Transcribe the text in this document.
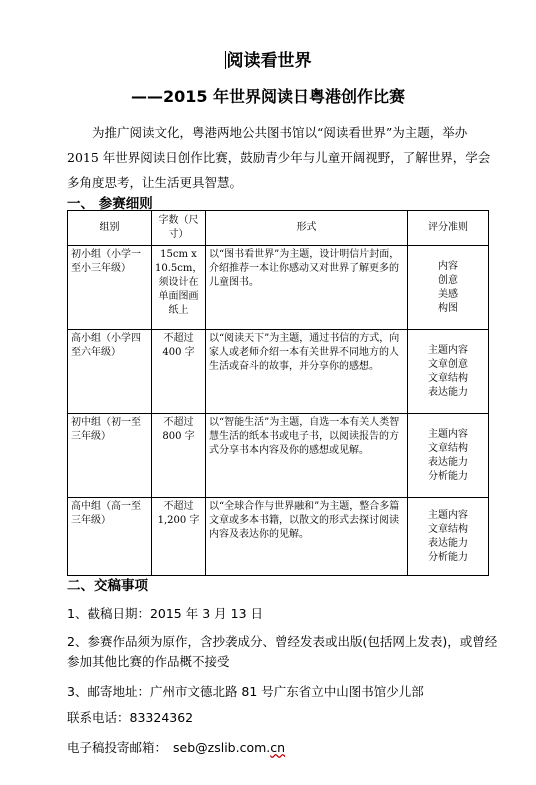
阅读看世界
——2015 年世界阅读日粤港创作比赛
为推广阅读文化，粤港两地公共图书馆以“阅读看世界”为主题，举办 2015 年世界阅读日创作比赛，鼓励青少年与儿童开阔视野，了解世界，学会多角度思考，让生活更具智慧。
一、 参赛细则
组别	字数（尺寸）	形式	评分准则
初小组（小学一至小三年级）	15cm x 10.5cm，须设计在单面图画纸上	以“图书看世界”为主题，设计明信片封面，介绍推荐一本让你感动又对世界了解更多的儿童图书。	内容
创意
美感
构图

高小组（小学四至六年级）	不超过 400 字	以“阅读天下”为主题，通过书信的方式，向家人或老师介绍一本有关世界不同地方的人生活或奋斗的故事，并分享你的感想。	主题内容
文章创意
文章结构
表达能力

初中组（初一至三年级）	不超过 800 字	以“智能生活”为主题，自选一本有关人类智慧生活的纸本书或电子书，以阅读报告的方式分享书本内容及你的感想或见解。	主题内容
文章结构
表达能力
分析能力

高中组（高一至三年级）	不超过 1,200 字	以“全球合作与世界融和”为主题，整合多篇文章或多本书籍，以散文的形式去探讨阅读内容及表达你的见解。	主题内容
文章结构
表达能力
分析能力
二、交稿事项
1、截稿日期：2015 年 3 月 13 日
2、参赛作品须为原作，含抄袭成分、曾经发表或出版(包括网上发表)，或曾经参加其他比赛的作品概不接受
3、邮寄地址：广州市文德北路 81 号广东省立中山图书馆少儿部
联系电话：83324362
电子稿投寄邮箱： seb@zslib.com.cn
